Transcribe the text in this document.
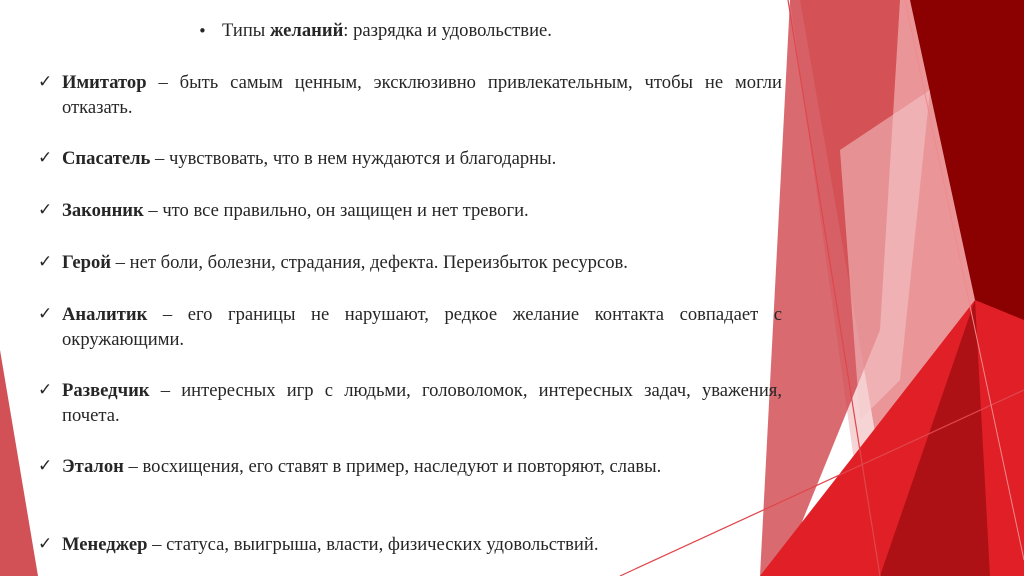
• Типы желаний: разрядка и удовольствие.
✓ Имитатор – быть самым ценным, эксклюзивно привлекательным, чтобы не могли отказать.
✓ Спасатель – чувствовать, что в нем нуждаются и благодарны.
✓ Законник – что все правильно, он защищен и нет тревоги.
✓ Герой – нет боли, болезни, страдания, дефекта. Переизбыток ресурсов.
✓ Аналитик – его границы не нарушают, редкое желание контакта совпадает с окружающими.
✓ Разведчик – интересных игр с людьми, головоломок, интересных задач, уважения, почета.
✓ Эталон – восхищения, его ставят в пример, наследуют и повторяют, славы.
✓ Менеджер – статуса, выигрыша, власти, физических удовольствий.
